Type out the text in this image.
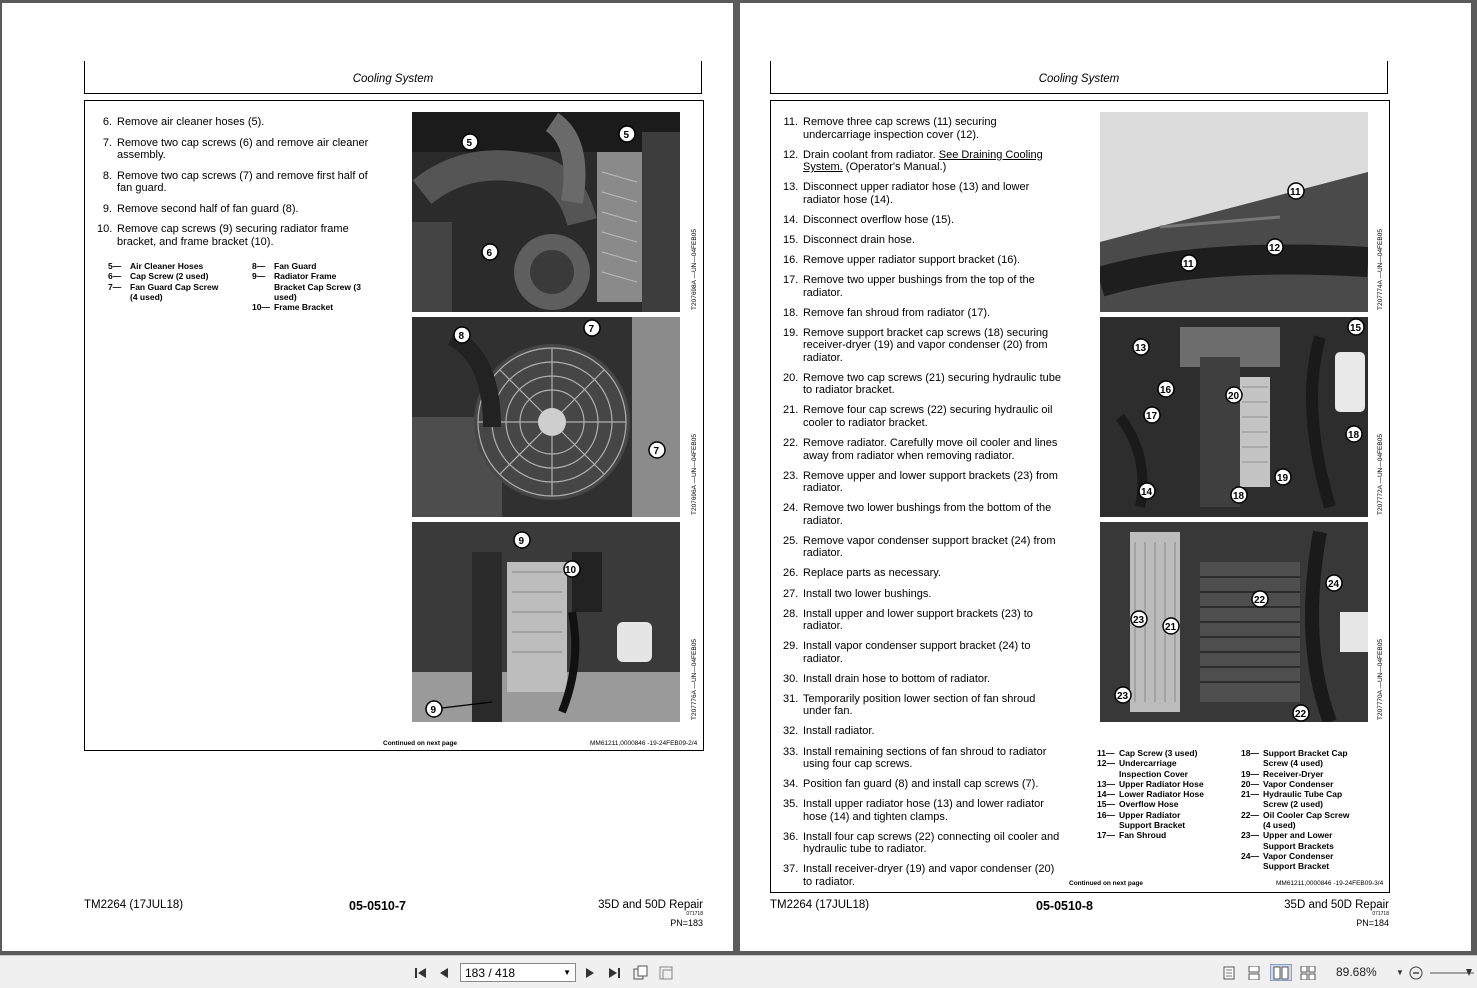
Cooling System
6. Remove air cleaner hoses (5).
7. Remove two cap screws (6) and remove air cleaner assembly.
8. Remove two cap screws (7) and remove first half of fan guard.
9. Remove second half of fan guard (8).
10. Remove cap screws (9) securing radiator frame bracket, and frame bracket (10).
5—	Air Cleaner Hoses
6—	Cap Screw (2 used)
7—	Fan Guard Cap Screw (4 used)
8—	Fan Guard
9—	Radiator Frame Bracket Cap Screw (3 used)
10— Frame Bracket
5
5
6	T207698A —UN—04FEB05
8
7
7	T207696A —UN—04FEB05
9
10
9	T207776A —UN—04FEB05
Continued on next page	MM61211,0000846 -19-24FEB09-2/4
TM2264 (17JUL18)	05-0510-7	35D and 50D Repair
071718
PN=183
Cooling System
11. Remove three cap screws (11) securing undercarriage inspection cover (12).
12. Drain coolant from radiator. See Draining Cooling System. (Operator's Manual.)
13. Disconnect upper radiator hose (13) and lower radiator hose (14).
14. Disconnect overflow hose (15).
15. Disconnect drain hose.
16. Remove upper radiator support bracket (16).
17. Remove two upper bushings from the top of the radiator.
18. Remove fan shroud from radiator (17).
19. Remove support bracket cap screws (18) securing receiver-dryer (19) and vapor condenser (20) from radiator.
20. Remove two cap screws (21) securing hydraulic tube to radiator bracket.
21. Remove four cap screws (22) securing hydraulic oil cooler to radiator bracket.
22. Remove radiator. Carefully move oil cooler and lines away from radiator when removing radiator.
23. Remove upper and lower support brackets (23) from radiator.
24. Remove two lower bushings from the bottom of the radiator.
25. Remove vapor condenser support bracket (24) from radiator.
26. Replace parts as necessary.
27. Install two lower bushings.
28. Install upper and lower support brackets (23) to radiator.
29. Install vapor condenser support bracket (24) to radiator.
30. Install drain hose to bottom of radiator.
31. Temporarily position lower section of fan shroud under fan.
32. Install radiator.
33. Install remaining sections of fan shroud to radiator using four cap screws.
34. Position fan guard (8) and install cap screws (7).
35. Install upper radiator hose (13) and lower radiator hose (14) and tighten clamps.
36. Install four cap screws (22) connecting oil cooler and hydraulic tube to radiator.
37. Install receiver-dryer (19) and vapor condenser (20) to radiator.
11— Cap Screw (3 used)
12— Undercarriage Inspection Cover
13— Upper Radiator Hose
14— Lower Radiator Hose
15— Overflow Hose
16— Upper Radiator Support Bracket
17— Fan Shroud
18— Support Bracket Cap Screw (4 used)
19— Receiver-Dryer
20— Vapor Condenser
21— Hydraulic Tube Cap Screw (2 used)
22— Oil Cooler Cap Screw (4 used)
23— Upper and Lower Support Brackets
24— Vapor Condenser Support Bracket
11
12
11	T207774A —UN—04FEB05
13
15
16
20
17
18
19
14	18	T207772A —UN—04FEB05
24
22
23
21
23
22	T207770A —UN—04FEB05
Continued on next page	MM61211,0000846 -19-24FEB09-3/4
TM2264 (17JUL18)	05-0510-8	35D and 50D Repair
071718
PN=184
183 / 418	▼	89.68% ▼
